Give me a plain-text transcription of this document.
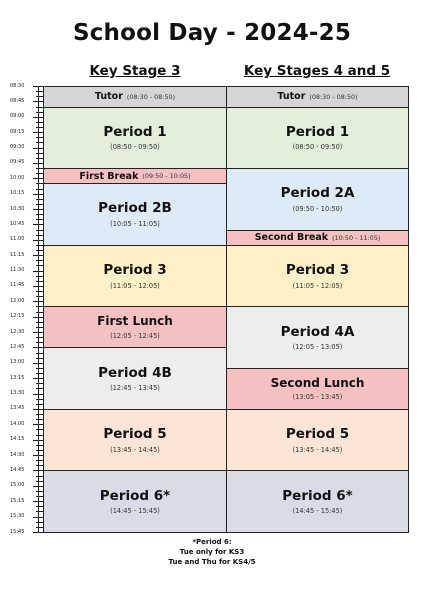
School Day - 2024-25
Key Stage 3	Key Stages 4 and 5
08:30
08:45
09:00
09:15
09:30
09:45
10:00
10:15
10:30
10:45
11:00
11:15
11:30
11:45
12:00
12:15
12:30
12:45
13:00
13:15
13:30
13:45
14:00
14:15
14:30
14:45
15:00
15:15
15:30
15:45
Tutor (08:30 - 08:50)
Period 1
(08:50 - 09:50)
First Break (09:50 - 10:05)
Period 2B
(10:05 - 11:05)
Period 3
(11:05 - 12:05)
First Lunch
(12:05 - 12:45)
Period 4B
(12:45 - 13:45)
Period 5
(13:45 - 14:45)
Period 6*
(14:45 - 15:45)
Tutor (08:30 - 08:50)
Period 1
(08:50 - 09:50)
Period 2A
(09:50 - 10:50)
Second Break (10:50 - 11:05)
Period 3
(11:05 - 12:05)
Period 4A
(12:05 - 13:05)
Second Lunch
(13:05 - 13:45)
Period 5
(13:45 - 14:45)
Period 6*
(14:45 - 15:45)
*Period 6:
Tue only for KS3
Tue and Thu for KS4/5
